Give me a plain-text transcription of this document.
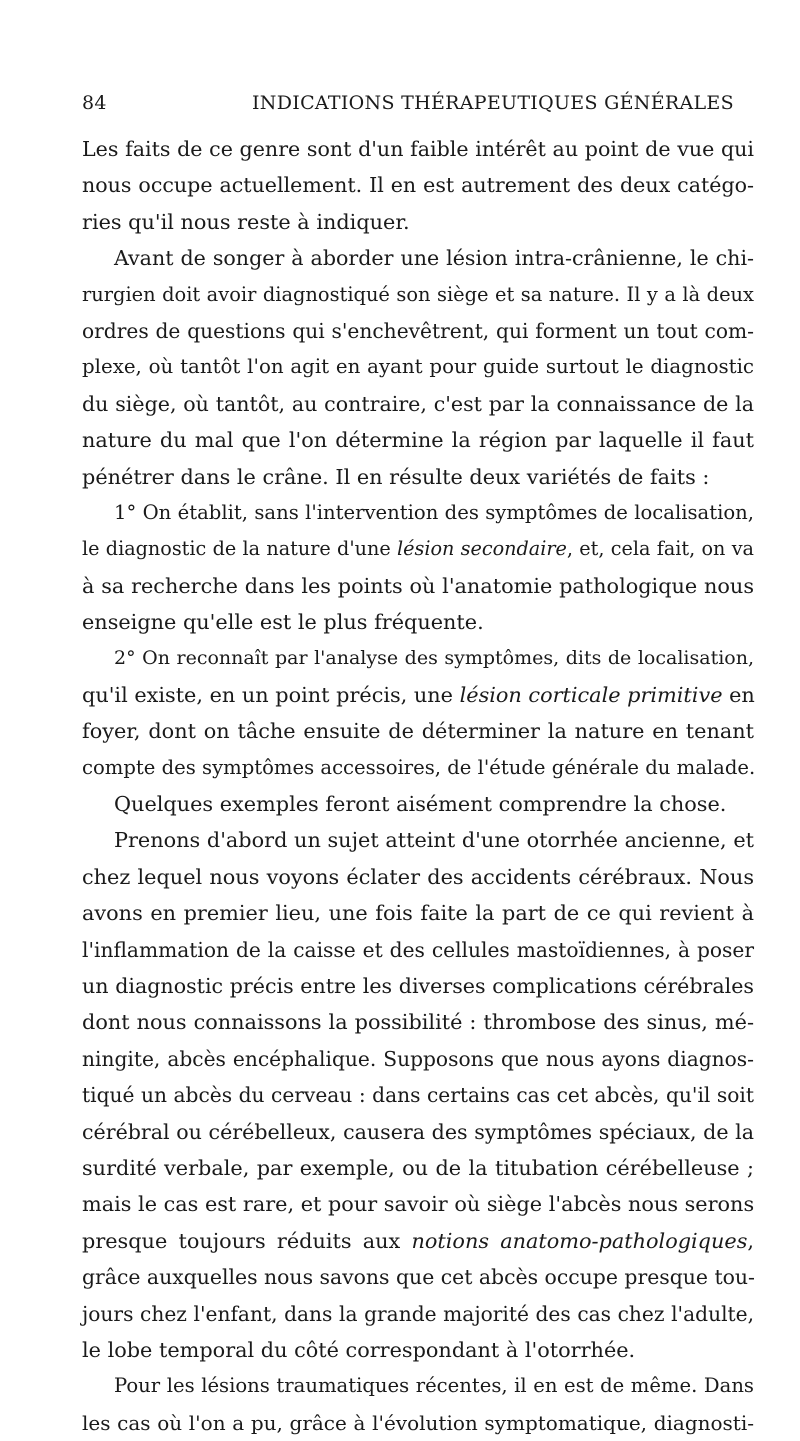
84	INDICATIONS THÉRAPEUTIQUES GÉNÉRALES
Les faits de ce genre sont d'un faible intérêt au point de vue qui
nous occupe actuellement. Il en est autrement des deux catégo-
ries qu'il nous reste à indiquer.
Avant de songer à aborder une lésion intra-crânienne, le chi-
rurgien doit avoir diagnostiqué son siège et sa nature. Il y a là deux
ordres de questions qui s'enchevêtrent, qui forment un tout com-
plexe, où tantôt l'on agit en ayant pour guide surtout le diagnostic
du siège, où tantôt, au contraire, c'est par la connaissance de la
nature du mal que l'on détermine la région par laquelle il faut
pénétrer dans le crâne. Il en résulte deux variétés de faits :
1° On établit, sans l'intervention des symptômes de localisation,
le diagnostic de la nature d'une lésion secondaire, et, cela fait, on va
à sa recherche dans les points où l'anatomie pathologique nous
enseigne qu'elle est le plus fréquente.
2° On reconnaît par l'analyse des symptômes, dits de localisation,
qu'il existe, en un point précis, une lésion corticale primitive en
foyer, dont on tâche ensuite de déterminer la nature en tenant
compte des symptômes accessoires, de l'étude générale du malade.
Quelques exemples feront aisément comprendre la chose.
Prenons d'abord un sujet atteint d'une otorrhée ancienne, et
chez lequel nous voyons éclater des accidents cérébraux. Nous
avons en premier lieu, une fois faite la part de ce qui revient à
l'inflammation de la caisse et des cellules mastoïdiennes, à poser
un diagnostic précis entre les diverses complications cérébrales
dont nous connaissons la possibilité : thrombose des sinus, mé-
ningite, abcès encéphalique. Supposons que nous ayons diagnos-
tiqué un abcès du cerveau : dans certains cas cet abcès, qu'il soit
cérébral ou cérébelleux, causera des symptômes spéciaux, de la
surdité verbale, par exemple, ou de la titubation cérébelleuse ;
mais le cas est rare, et pour savoir où siège l'abcès nous serons
presque toujours réduits aux notions anatomo-pathologiques,
grâce auxquelles nous savons que cet abcès occupe presque tou-
jours chez l'enfant, dans la grande majorité des cas chez l'adulte,
le lobe temporal du côté correspondant à l'otorrhée.
Pour les lésions traumatiques récentes, il en est de même. Dans
les cas où l'on a pu, grâce à l'évolution symptomatique, diagnosti-
